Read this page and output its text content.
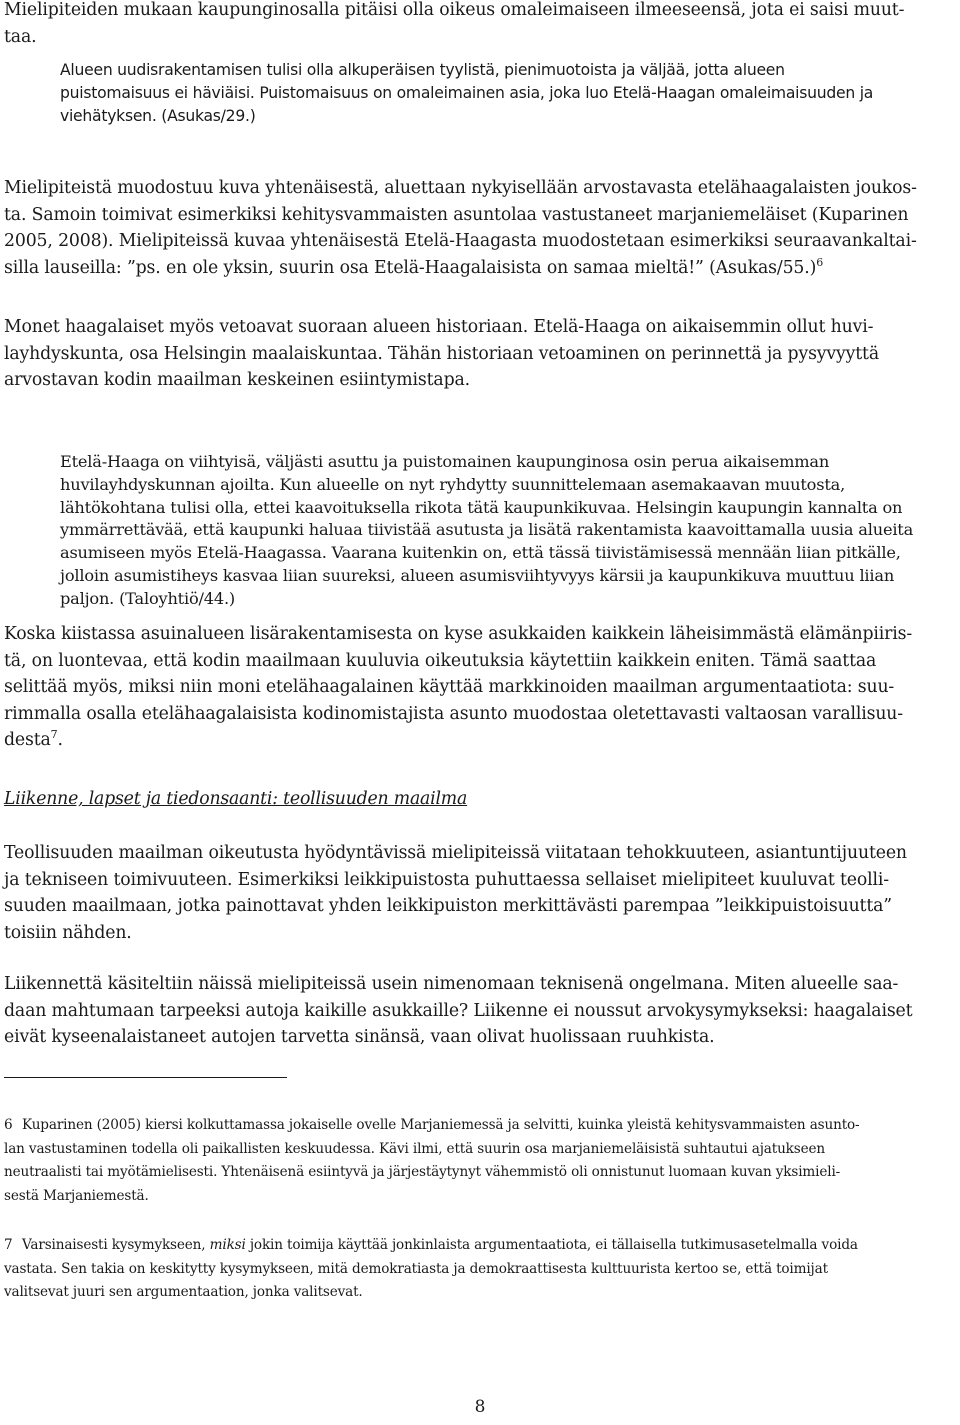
Mielipiteiden mukaan kaupunginosalla pitäisi olla oikeus omaleimaiseen ilmeeseensä, jota ei saisi muut-
taa.

Alueen uudisrakentamisen tulisi olla alkuperäisen tyylistä, pienimuotoista ja väljää, jotta alueen
puistomaisuus ei häviäisi. Puistomaisuus on omaleimainen asia, joka luo Etelä-Haagan omaleimaisuuden ja
viehätyksen. (Asukas/29.)

Mielipiteistä muodostuu kuva yhtenäisestä, aluettaan nykyisellään arvostavasta etelähaagalaisten joukos-
ta. Samoin toimivat esimerkiksi kehitysvammaisten asuntolaa vastustaneet marjaniemeläiset (Kuparinen
2005, 2008). Mielipiteissä kuvaa yhtenäisestä Etelä-Haagasta muodostetaan esimerkiksi seuraavankaltai-
silla lauseilla: ”ps. en ole yksin, suurin osa Etelä-Haagalaisista on samaa mieltä!” (Asukas/55.)$^6$

Monet haagalaiset myös vetoavat suoraan alueen historiaan. Etelä-Haaga on aikaisemmin ollut huvi-
layhdyskunta, osa Helsingin maalaiskuntaa. Tähän historiaan vetoaminen on perinnettä ja pysyvyyttä
arvostavan kodin maailman keskeinen esiintymistapa.

Etelä-Haaga on viihtyisä, väljästi asuttu ja puistomainen kaupunginosa osin perua aikaisemman
huvilayhdyskunnan ajoilta. Kun alueelle on nyt ryhdytty suunnittelemaan asemakaavan muutosta,
lähtökohtana tulisi olla, ettei kaavoituksella rikota tätä kaupunkikuvaa. Helsingin kaupungin kannalta on
ymmärrettävää, että kaupunki haluaa tiivistää asutusta ja lisätä rakentamista kaavoittamalla uusia alueita
asumiseen myös Etelä-Haagassa. Vaarana kuitenkin on, että tässä tiivistämisessä mennään liian pitkälle,
jolloin asumistiheys kasvaa liian suureksi, alueen asumisviihtyvyys kärsii ja kaupunkikuva muuttuu liian
paljon. (Taloyhtiö/44.)

Koska kiistassa asuinalueen lisärakentamisesta on kyse asukkaiden kaikkein läheisimmästä elämänpiiris-
tä, on luontevaa, että kodin maailmaan kuuluvia oikeutuksia käytettiin kaikkein eniten. Tämä saattaa
selittää myös, miksi niin moni etelähaagalainen käyttää markkinoiden maailman argumentaatiota: suu-
rimmalla osalla etelähaagalaisista kodinomistajista asunto muodostaa oletettavasti valtaosan varallisuu-
desta$^7$.

Liikenne, lapset ja tiedonsaanti: teollisuuden maailma

Teollisuuden maailman oikeutusta hyödyntävissä mielipiteissä viitataan tehokkuuteen, asiantuntijuuteen
ja tekniseen toimivuuteen. Esimerkiksi leikkipuistosta puhuttaessa sellaiset mielipiteet kuuluvat teolli-
suuden maailmaan, jotka painottavat yhden leikkipuiston merkittävästi parempaa ”leikkipuistoisuutta”
toisiin nähden.

Liikennettä käsiteltiin näissä mielipiteissä usein nimenomaan teknisenä ongelmana. Miten alueelle saa-
daan mahtumaan tarpeeksi autoja kaikille asukkaille? Liikenne ei noussut arvokysymykseksi: haagalaiset
eivät kyseenalaistaneet autojen tarvetta sinänsä, vaan olivat huolissaan ruuhkista.

6 Kuparinen (2005) kiersi kolkuttamassa jokaiselle ovelle Marjaniemessä ja selvitti, kuinka yleistä kehitysvammaisten asunto-
lan vastustaminen todella oli paikallisten keskuudessa. Kävi ilmi, että suurin osa marjaniemeläisistä suhtautui ajatukseen
neutraalisti tai myötämielisesti. Yhtenäisenä esiintyvä ja järjestäytynyt vähemmistö oli onnistunut luomaan kuvan yksimieli-
sestä Marjaniemestä.

7 Varsinaisesti kysymykseen, miksi jokin toimija käyttää jonkinlaista argumentaatiota, ei tällaisella tutkimusasetelmalla voida
vastata. Sen takia on keskitytty kysymykseen, mitä demokratiasta ja demokraattisesta kulttuurista kertoo se, että toimijat
valitsevat juuri sen argumentaation, jonka valitsevat.

8
